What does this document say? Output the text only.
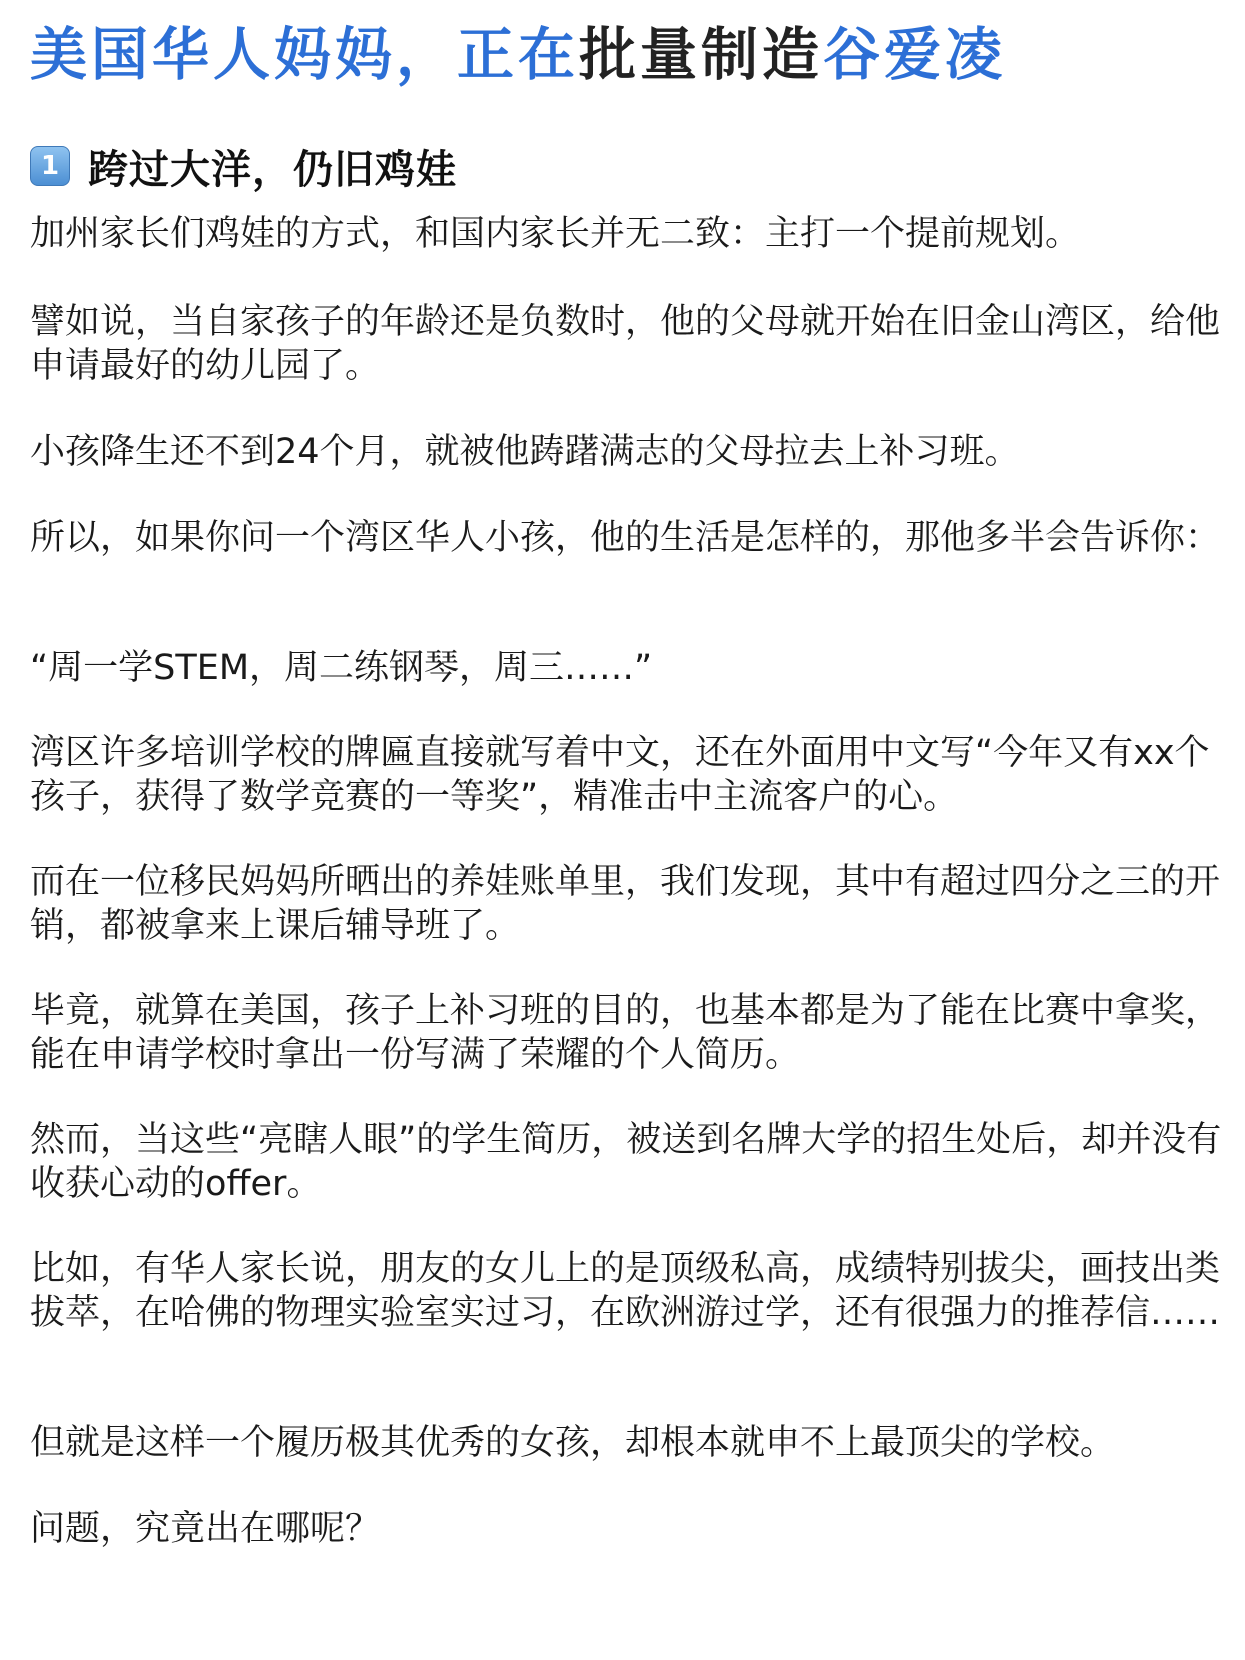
美国华人妈妈，正在批量制造谷爱凌
1 跨过大洋，仍旧鸡娃

加州家长们鸡娃的方式，和国内家长并无二致：主打一个提前规划。

譬如说，当自家孩子的年龄还是负数时，他的父母就开始在旧金山湾区，给他申请最好的幼儿园了。

小孩降生还不到24个月，就被他踌躇满志的父母拉去上补习班。

所以，如果你问一个湾区华人小孩，他的生活是怎样的，那他多半会告诉你：

“周一学STEM，周二练钢琴，周三……”

湾区许多培训学校的牌匾直接就写着中文，还在外面用中文写“今年又有xx个孩子，获得了数学竞赛的一等奖”，精准击中主流客户的心。

而在一位移民妈妈所晒出的养娃账单里，我们发现，其中有超过四分之三的开销，都被拿来上课后辅导班了。

毕竟，就算在美国，孩子上补习班的目的，也基本都是为了能在比赛中拿奖，能在申请学校时拿出一份写满了荣耀的个人简历。

然而，当这些“亮瞎人眼”的学生简历，被送到名牌大学的招生处后，却并没有收获心动的offer。

比如，有华人家长说，朋友的女儿上的是顶级私高，成绩特别拔尖，画技出类拔萃，在哈佛的物理实验室实过习，在欧洲游过学，还有很强力的推荐信……

但就是这样一个履历极其优秀的女孩，却根本就申不上最顶尖的学校。

问题，究竟出在哪呢？
